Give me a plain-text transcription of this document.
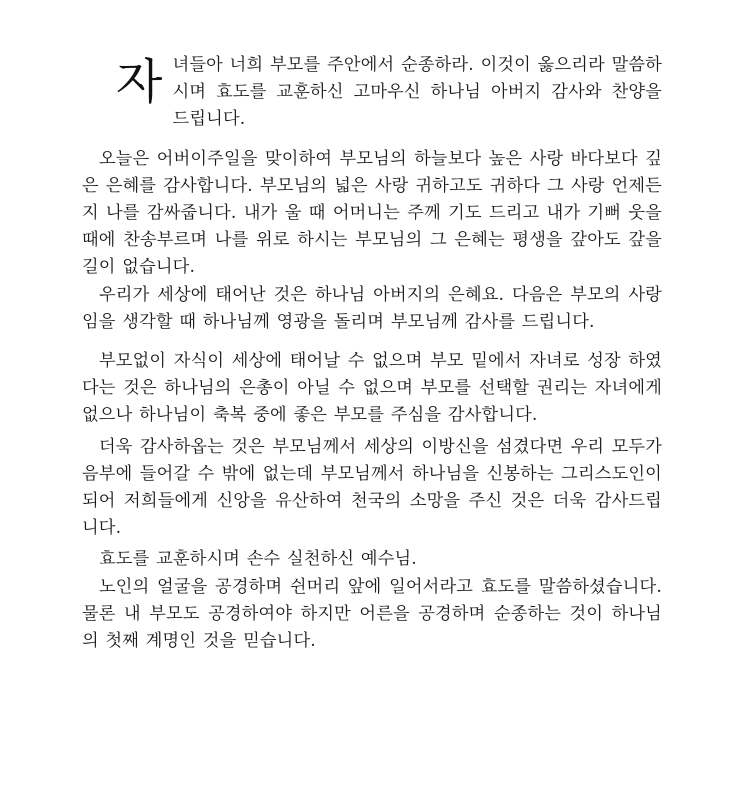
자녀들아 너희 부모를 주안에서 순종하라. 이것이 옳으리라 말씀하시며 효도를 교훈하신 고마우신 하나님 아버지 감사와 찬양을 드립니다.

오늘은 어버이주일을 맞이하여 부모님의 하늘보다 높은 사랑 바다보다 깊은 은혜를 감사합니다. 부모님의 넓은 사랑 귀하고도 귀하다 그 사랑 언제든지 나를 감싸줍니다. 내가 울 때 어머니는 주께 기도 드리고 내가 기뻐 웃을 때에 찬송부르며 나를 위로 하시는 부모님의 그 은혜는 평생을 갚아도 갚을 길이 없습니다.

우리가 세상에 태어난 것은 하나님 아버지의 은혜요. 다음은 부모의 사랑임을 생각할 때 하나님께 영광을 돌리며 부모님께 감사를 드립니다.

부모없이 자식이 세상에 태어날 수 없으며 부모 밑에서 자녀로 성장 하였다는 것은 하나님의 은총이 아닐 수 없으며 부모를 선택할 권리는 자녀에게 없으나 하나님이 축복 중에 좋은 부모를 주심을 감사합니다.

더욱 감사하옵는 것은 부모님께서 세상의 이방신을 섬겼다면 우리 모두가 음부에 들어갈 수 밖에 없는데 부모님께서 하나님을 신봉하는 그리스도인이 되어 저희들에게 신앙을 유산하여 천국의 소망을 주신 것은 더욱 감사드립니다.

효도를 교훈하시며 손수 실천하신 예수님.

노인의 얼굴을 공경하며 쉰머리 앞에 일어서라고 효도를 말씀하셨습니다. 물론 내 부모도 공경하여야 하지만 어른을 공경하며 순종하는 것이 하나님의 첫째 계명인 것을 믿습니다.
